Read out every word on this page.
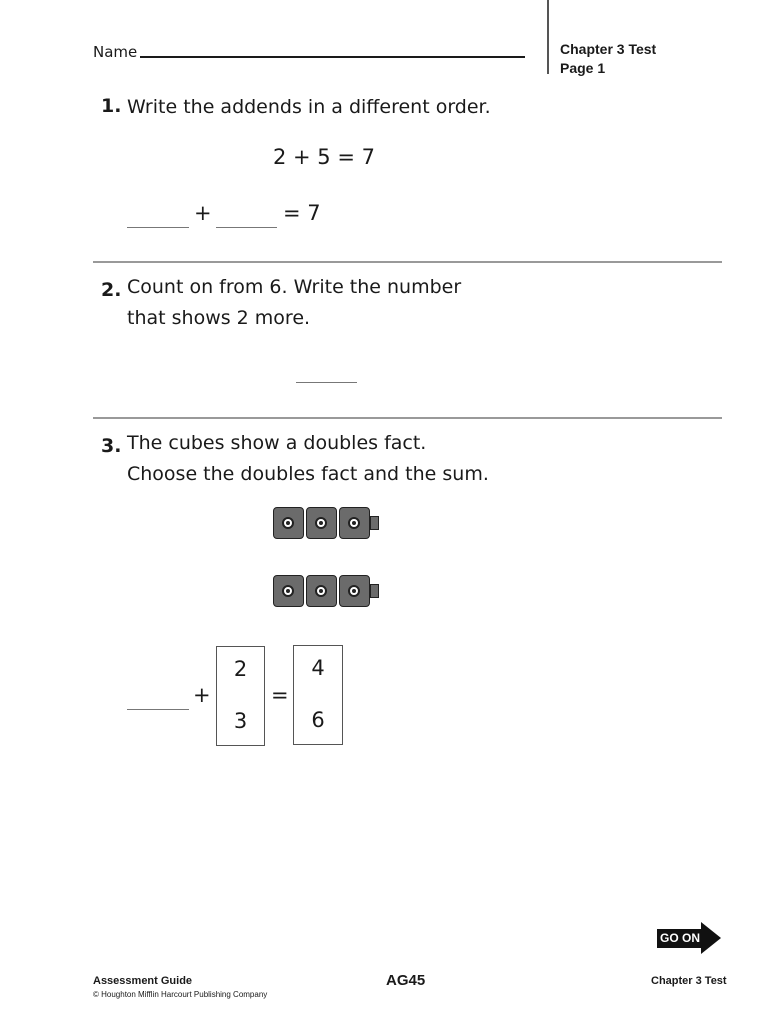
Name	Chapter 3 Test
Page 1
1. Write the addends in a different order.
2 + 5 = 7
+	= 7
2. Count on from 6. Write the number
that shows 2 more.
3. The cubes show a doubles fact.
Choose the doubles fact and the sum.
+
2
3
=
4
6
GO ON
Assessment Guide
© Houghton Mifflin Harcourt Publishing Company
AG45	Chapter 3 Test
